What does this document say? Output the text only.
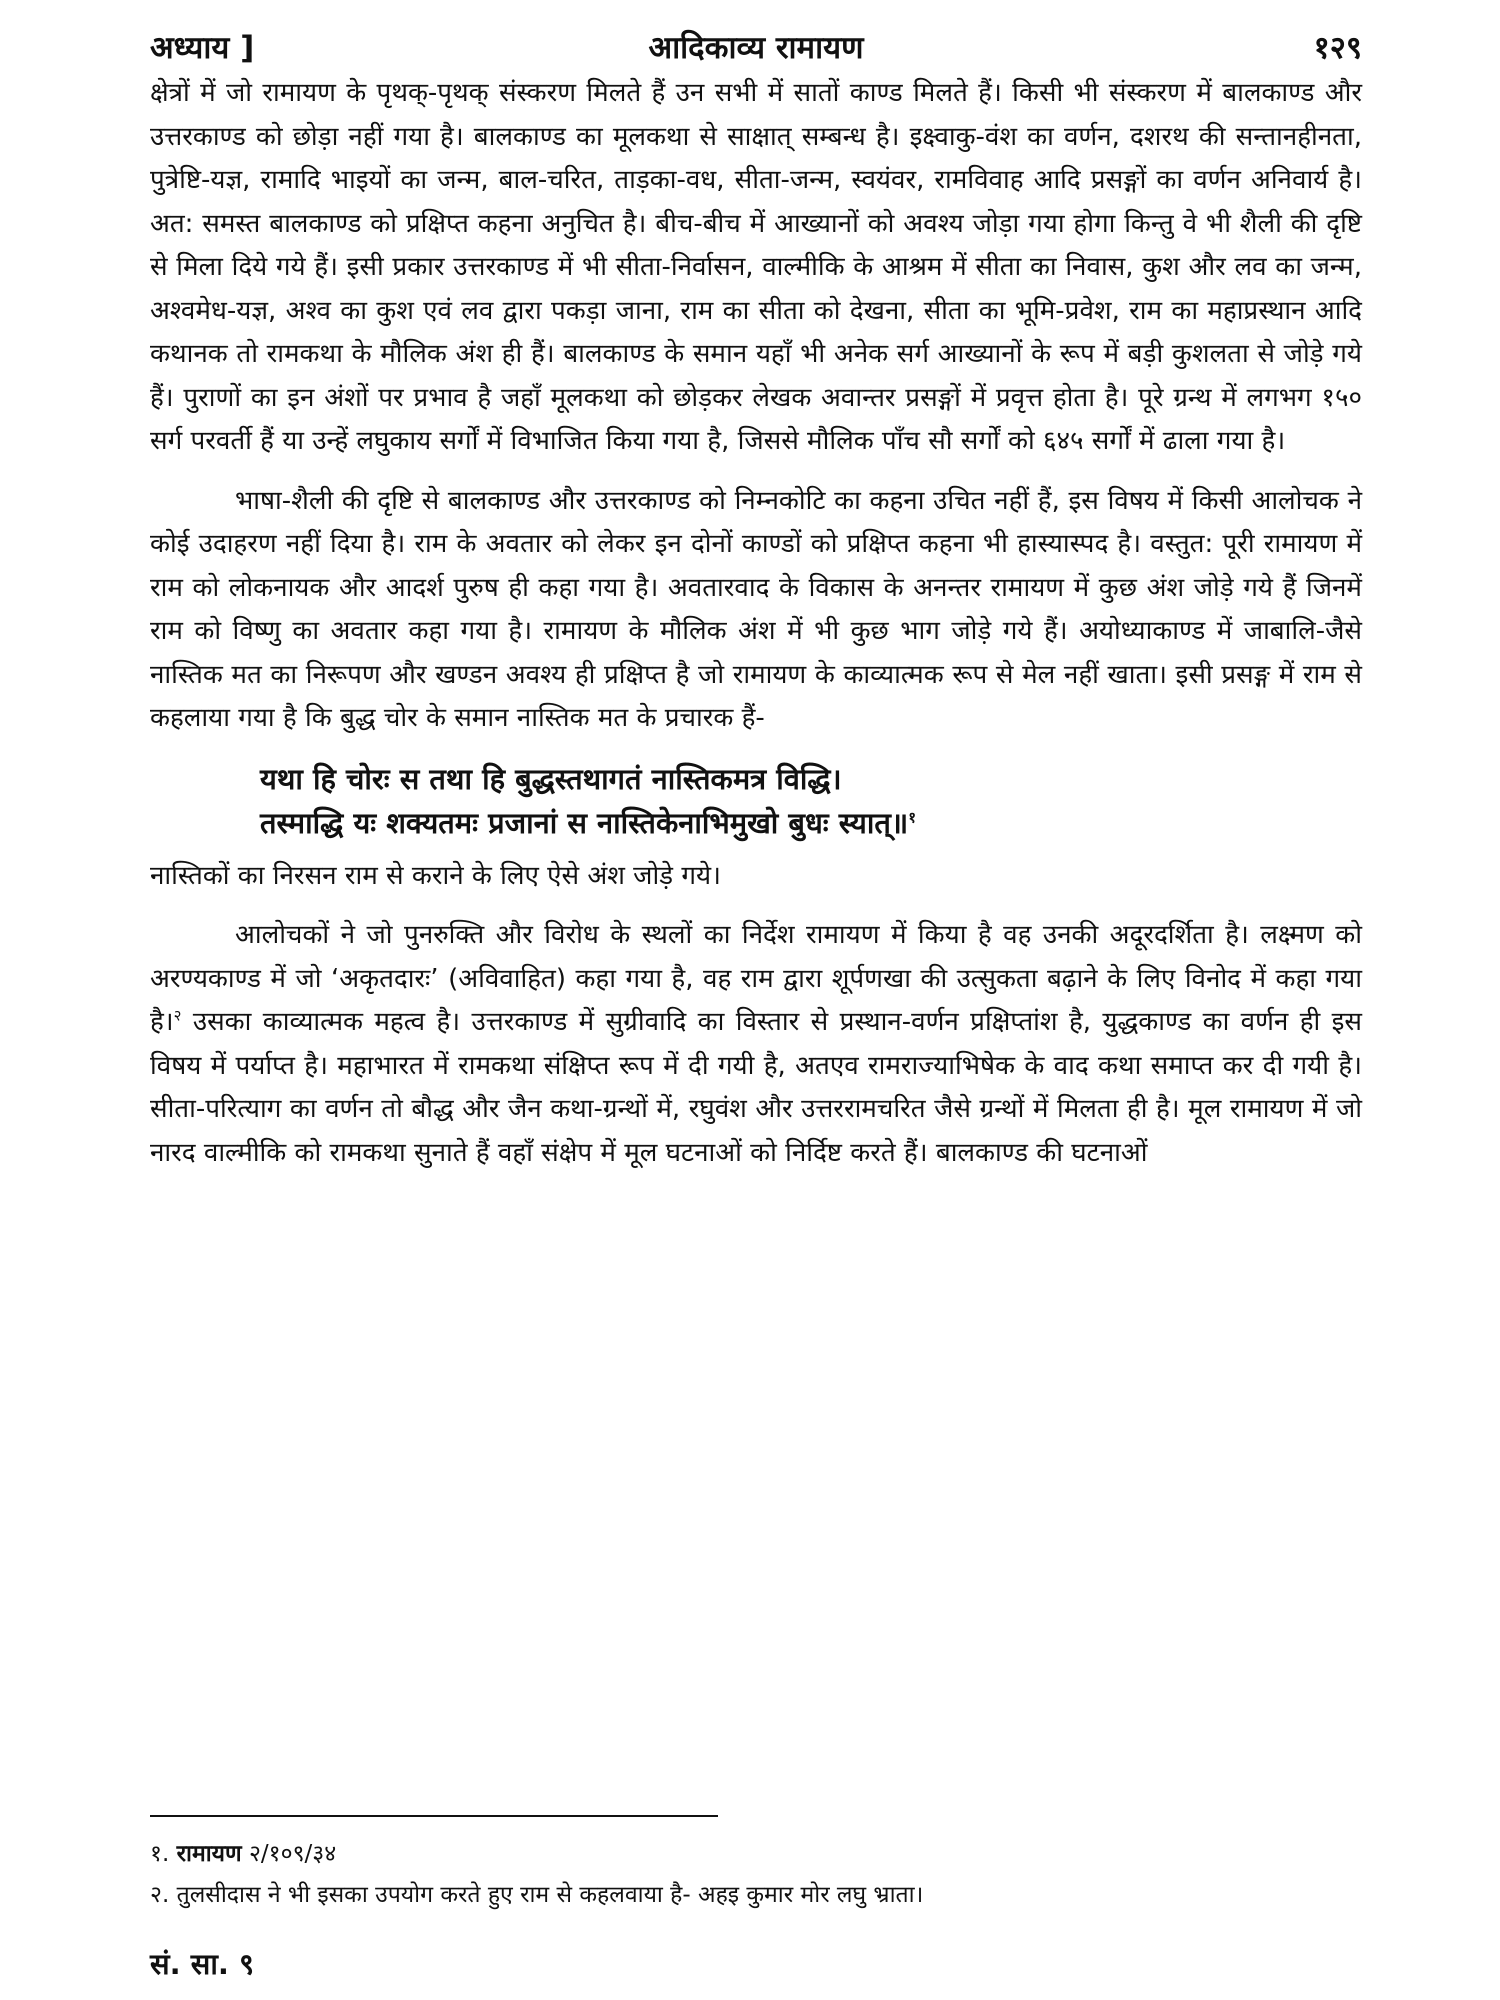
अध्याय ]	आदिकाव्य रामायण	१२९

क्षेत्रों में जो रामायण के पृथक्-पृथक् संस्करण मिलते हैं उन सभी में सातों काण्ड मिलते हैं। किसी भी संस्करण में बालकाण्ड और उत्तरकाण्ड को छोड़ा नहीं गया है। बालकाण्ड का मूलकथा से साक्षात् सम्बन्ध है। इक्ष्वाकु-वंश का वर्णन, दशरथ की सन्तानहीनता, पुत्रेष्टि-यज्ञ, रामादि भाइयों का जन्म, बाल-चरित, ताड़का-वध, सीता-जन्म, स्वयंवर, रामविवाह आदि प्रसङ्गों का वर्णन अनिवार्य है। अत: समस्त बालकाण्ड को प्रक्षिप्त कहना अनुचित है। बीच-बीच में आख्यानों को अवश्य जोड़ा गया होगा किन्तु वे भी शैली की दृष्टि से मिला दिये गये हैं। इसी प्रकार उत्तरकाण्ड में भी सीता-निर्वासन, वाल्मीकि के आश्रम में सीता का निवास, कुश और लव का जन्म, अश्वमेध-यज्ञ, अश्व का कुश एवं लव द्वारा पकड़ा जाना, राम का सीता को देखना, सीता का भूमि-प्रवेश, राम का महाप्रस्थान आदि कथानक तो रामकथा के मौलिक अंश ही हैं। बालकाण्ड के समान यहाँ भी अनेक सर्ग आख्यानों के रूप में बड़ी कुशलता से जोड़े गये हैं। पुराणों का इन अंशों पर प्रभाव है जहाँ मूलकथा को छोड़कर लेखक अवान्तर प्रसङ्गों में प्रवृत्त होता है। पूरे ग्रन्थ में लगभग १५० सर्ग परवर्ती हैं या उन्हें लघुकाय सर्गों में विभाजित किया गया है, जिससे मौलिक पाँच सौ सर्गों को ६४५ सर्गों में ढाला गया है।

भाषा-शैली की दृष्टि से बालकाण्ड और उत्तरकाण्ड को निम्नकोटि का कहना उचित नहीं हैं, इस विषय में किसी आलोचक ने कोई उदाहरण नहीं दिया है। राम के अवतार को लेकर इन दोनों काण्डों को प्रक्षिप्त कहना भी हास्यास्पद है। वस्तुत: पूरी रामायण में राम को लोकनायक और आदर्श पुरुष ही कहा गया है। अवतारवाद के विकास के अनन्तर रामायण में कुछ अंश जोड़े गये हैं जिनमें राम को विष्णु का अवतार कहा गया है। रामायण के मौलिक अंश में भी कुछ भाग जोड़े गये हैं। अयोध्याकाण्ड में जाबालि-जैसे नास्तिक मत का निरूपण और खण्डन अवश्य ही प्रक्षिप्त है जो रामायण के काव्यात्मक रूप से मेल नहीं खाता। इसी प्रसङ्ग में राम से कहलाया गया है कि बुद्ध चोर के समान नास्तिक मत के प्रचारक हैं-

यथा हि चोरः स तथा हि बुद्धस्तथागतं नास्तिकमत्र विद्धि।
तस्माद्धि यः शक्यतमः प्रजानां स नास्तिकेनाभिमुखो बुधः स्यात्॥$^१$

नास्तिकों का निरसन राम से कराने के लिए ऐसे अंश जोड़े गये।

आलोचकों ने जो पुनरुक्ति और विरोध के स्थलों का निर्देश रामायण में किया है वह उनकी अदूरदर्शिता है। लक्ष्मण को अरण्यकाण्ड में जो ‘अकृतदारः’ (अविवाहित) कहा गया है, वह राम द्वारा शूर्पणखा की उत्सुकता बढ़ाने के लिए विनोद में कहा गया है।$^२$ उसका काव्यात्मक महत्व है। उत्तरकाण्ड में सुग्रीवादि का विस्तार से प्रस्थान-वर्णन प्रक्षिप्तांश है, युद्धकाण्ड का वर्णन ही इस विषय में पर्याप्त है। महाभारत में रामकथा संक्षिप्त रूप में दी गयी है, अतएव रामराज्याभिषेक के वाद कथा समाप्त कर दी गयी है। सीता-परित्याग का वर्णन तो बौद्ध और जैन कथा-ग्रन्थों में, रघुवंश और उत्तररामचरित जैसे ग्रन्थों में मिलता ही है। मूल रामायण में जो नारद वाल्मीकि को रामकथा सुनाते हैं वहाँ संक्षेप में मूल घटनाओं को निर्दिष्ट करते हैं। बालकाण्ड की घटनाओं

१. रामायण २/१०९/३४
२. तुलसीदास ने भी इसका उपयोग करते हुए राम से कहलवाया है- अहइ कुमार मोर लघु भ्राता।
सं. सा. ९
